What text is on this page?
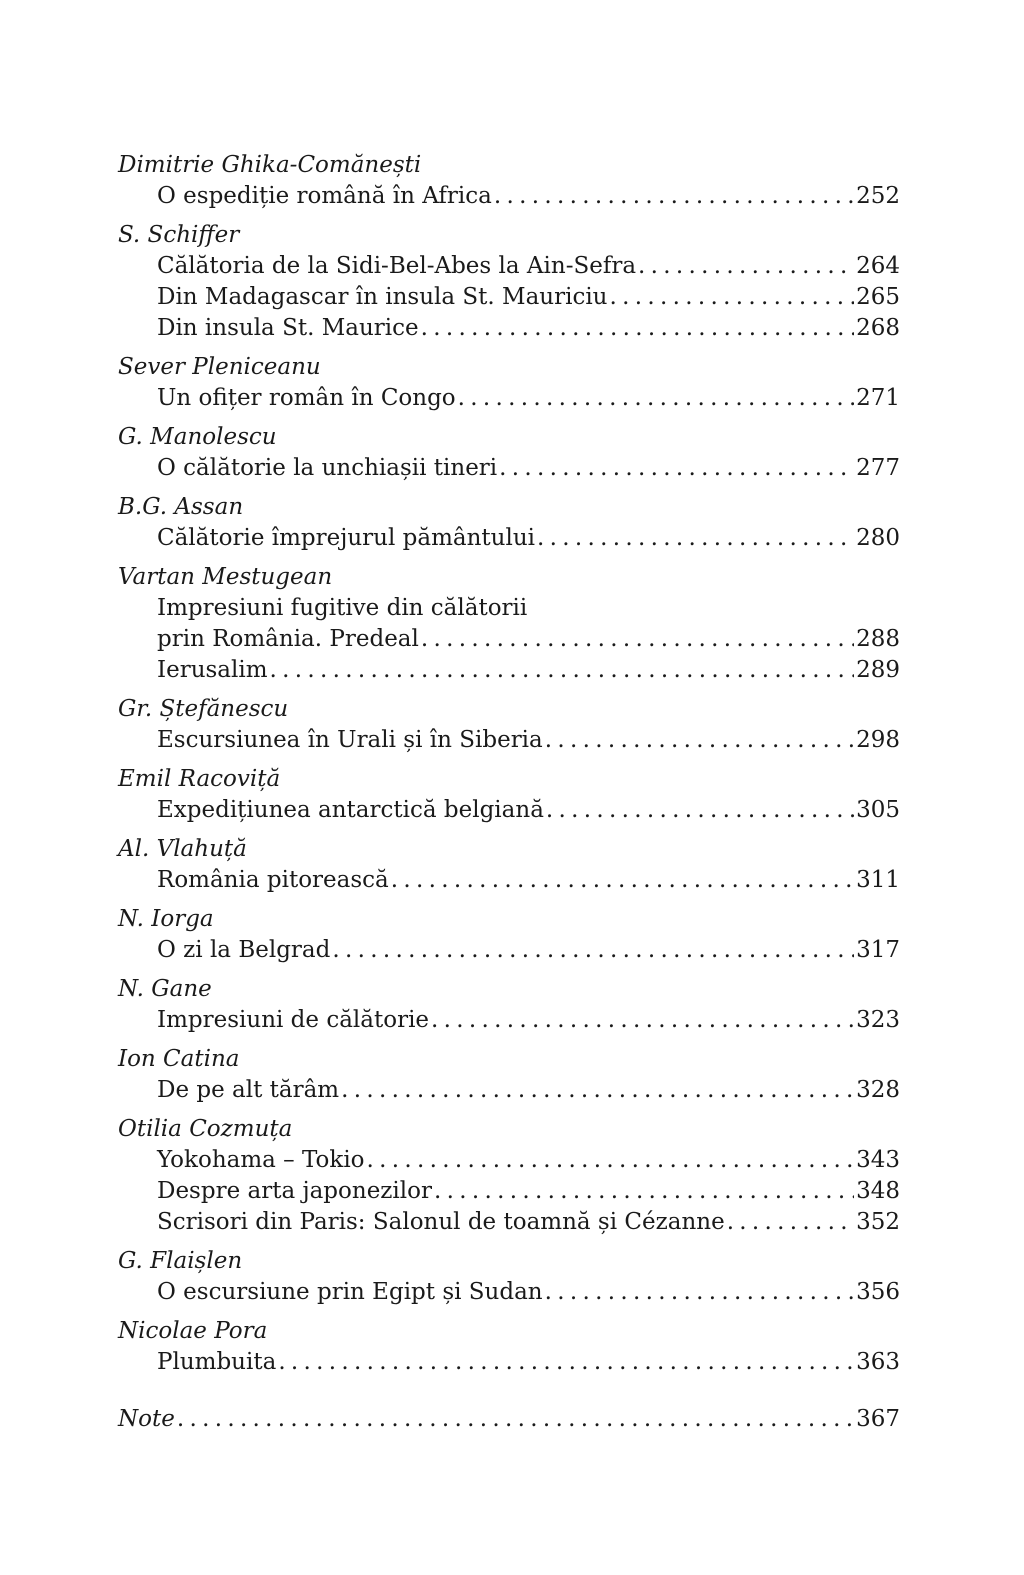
Dimitrie Ghika-Comănești
O espediție română în Africa . . .	252
S. Schiffer
Călătoria de la Sidi-Bel-Abes la Ain-Sefra . . .	264
Din Madagascar în insula St. Mauriciu . . .	265
Din insula St. Maurice . . .	268
Sever Pleniceanu
Un ofițer român în Congo . . .	271
G. Manolescu
O călătorie la unchiașii tineri . . .	277
B.G. Assan
Călătorie împrejurul pământului . . .	280
Vartan Mestugean
Impresiuni fugitive din călătorii
prin România. Predeal . . .	288
Ierusalim . . .	289
Gr. Ștefănescu
Escursiunea în Urali și în Siberia . . .	298
Emil Racoviță
Expedițiunea antarctică belgiană . . .	305
Al. Vlahuță
România pitorească . . .	311
N. Iorga
O zi la Belgrad . . .	317
N. Gane
Impresiuni de călătorie . . .	323
Ion Catina
De pe alt tărâm . . .	328
Otilia Cozmuța
Yokohama – Tokio . . .	343
Despre arta japonezilor . . .	348
Scrisori din Paris: Salonul de toamnă și Cézanne . . .	352
G. Flaișlen
O escursiune prin Egipt și Sudan . . .	356
Nicolae Pora
Plumbuita . . .	363
Note . . .	367
